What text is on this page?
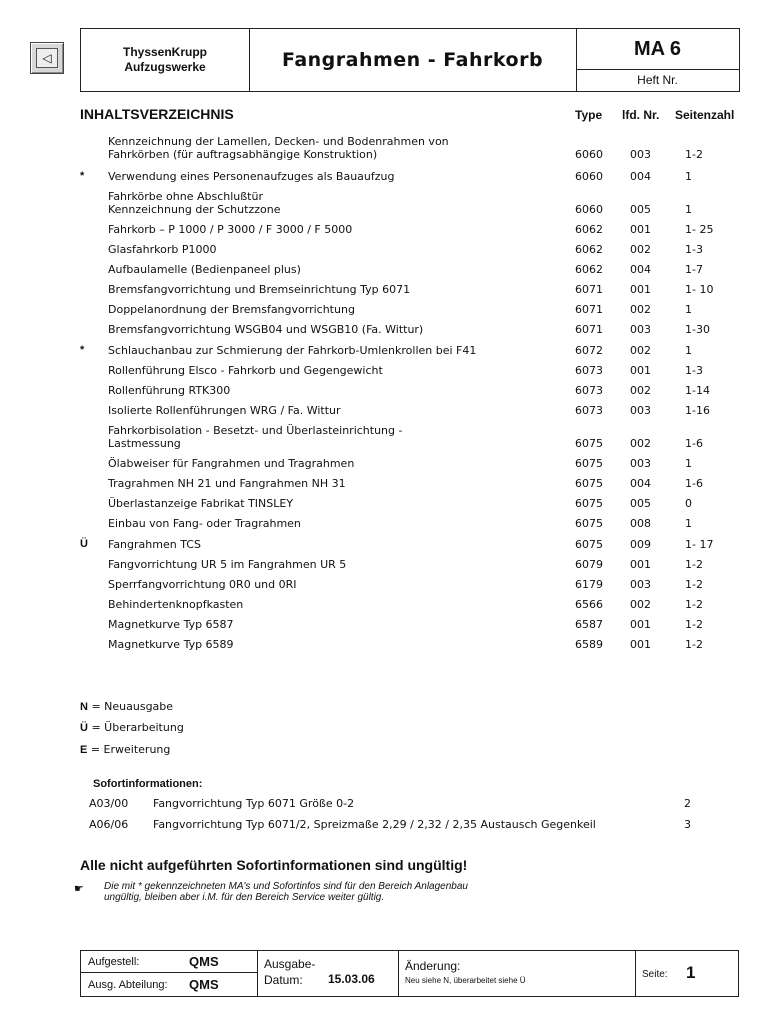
◁	ThyssenKrupp
Aufzugswerke	Fangrahmen - Fahrkorb
MA 6
Heft Nr.
INHALTSVERZEICHNIS	Type lfd. Nr. Seitenzahl
Kennzeichnung der Lamellen, Decken- und Bodenrahmen von
Fahrkörben (für auftragsabhängige Konstruktion)	6060 003	1-2
* Verwendung eines Personenaufzuges als Bauaufzug	6060 004	1
Fahrkörbe ohne Abschlußtür
Kennzeichnung der Schutzzone	6060 005	1
Fahrkorb – P 1000 / P 3000 / F 3000 / F 5000	6062 001	1- 25
Glasfahrkorb P1000	6062 002	1-3
Aufbaulamelle (Bedienpaneel plus)	6062 004	1-7
Bremsfangvorrichtung und Bremseinrichtung Typ 6071	6071 001	1- 10
Doppelanordnung der Bremsfangvorrichtung	6071 002	1
Bremsfangvorrichtung WSGB04 und WSGB10 (Fa. Wittur)	6071 003	1-30
* Schlauchanbau zur Schmierung der Fahrkorb-Umlenkrollen bei F41	6072 002	1
Rollenführung Elsco - Fahrkorb und Gegengewicht	6073 001	1-3
Rollenführung RTK300	6073 002	1-14
Isolierte Rollenführungen WRG / Fa. Wittur	6073 003	1-16
Fahrkorbisolation - Besetzt- und Überlasteinrichtung -
Lastmessung	6075 002	1-6
Ölabweiser für Fangrahmen und Tragrahmen	6075 003	1
Tragrahmen NH 21 und Fangrahmen NH 31	6075 004	1-6
Überlastanzeige Fabrikat TINSLEY	6075 005	0
Einbau von Fang- oder Tragrahmen	6075 008	1
Ü Fangrahmen TCS	6075 009	1- 17
Fangvorrichtung UR 5 im Fangrahmen UR 5	6079 001	1-2
Sperrfangvorrichtung 0R0 und 0RI	6179 003	1-2
Behindertenknopfkasten	6566 002	1-2
Magnetkurve Typ 6587	6587 001	1-2
Magnetkurve Typ 6589	6589 001	1-2
N = Neuausgabe
Ü = Überarbeitung
E = Erweiterung
Sofortinformationen:
A03/00 Fangvorrichtung Typ 6071 Größe 0-2	2
A06/06 Fangvorrichtung Typ 6071/2, Spreizmaße 2,29 / 2,32 / 2,35 Austausch Gegenkeil	3
Alle nicht aufgeführten Sofortinformationen sind ungültig!
☛ Die mit * gekennzeichneten MA's und Sofortinfos sind für den Bereich Anlagenbau
ungültig, bleiben aber i.M. für den Bereich Service weiter gültig.
Aufgestell:	QMS
Ausg. Abteilung: QMS
Ausgabe-
Datum: 15.03.06
Änderung:
Neu siehe N, überarbeitet siehe Ü
Seite: 1
